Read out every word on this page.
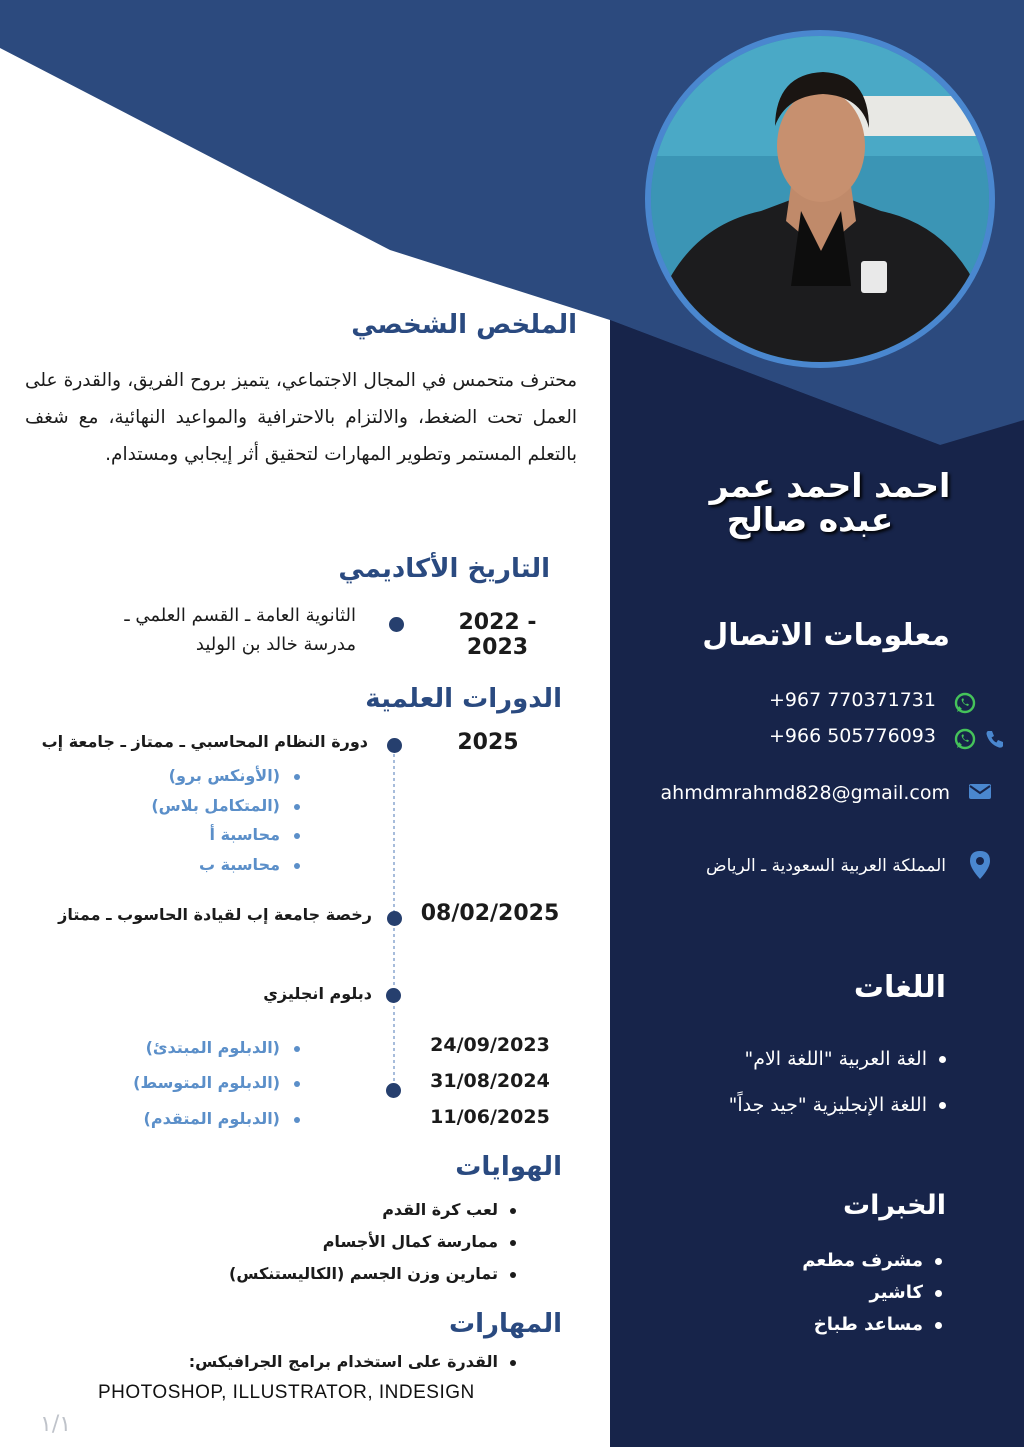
احمد احمد عمر
عبده صالح
معلومات الاتصال
+967 770371731
+966 505776093
ahmdmrahmd828@gmail.com
المملكة العربية السعودية ـ الرياض
اللغات
الغة العربية "اللغة الام"
اللغة الإنجليزية "جيد جداً"
الخبرات
مشرف مطعم
كاشير
مساعد طباخ
الملخص الشخصي
محترف متحمس في المجال الاجتماعي، يتميز بروح الفريق، والقدرة على العمل تحت الضغط، والالتزام بالاحترافية والمواعيد النهائية، مع شغف بالتعلم المستمر وتطوير المهارات لتحقيق أثر إيجابي ومستدام.
التاريخ الأكاديمي
2022 - 2023
الثانوية العامة ـ القسم العلمي ـ
مدرسة خالد بن الوليد
الدورات العلمية
2025
دورة النظام المحاسبي ـ ممتاز ـ جامعة إب
(الأونكس برو)
(المتكامل بلاس)
محاسبة أ
محاسبة ب
08/02/2025
رخصة جامعة إب لقيادة الحاسوب ـ ممتاز
دبلوم انجليزي
(الدبلوم المبتدئ)	24/09/2023
(الدبلوم المتوسط)	31/08/2024
(الدبلوم المتقدم)	11/06/2025
الهوايات
لعب كرة القدم
ممارسة كمال الأجسام
تمارين وزن الجسم (الكاليستنكس)
المهارات
القدرة على استخدام برامج الجرافيكس:
PHOTOSHOP, ILLUSTRATOR, INDESIGN
١/١
